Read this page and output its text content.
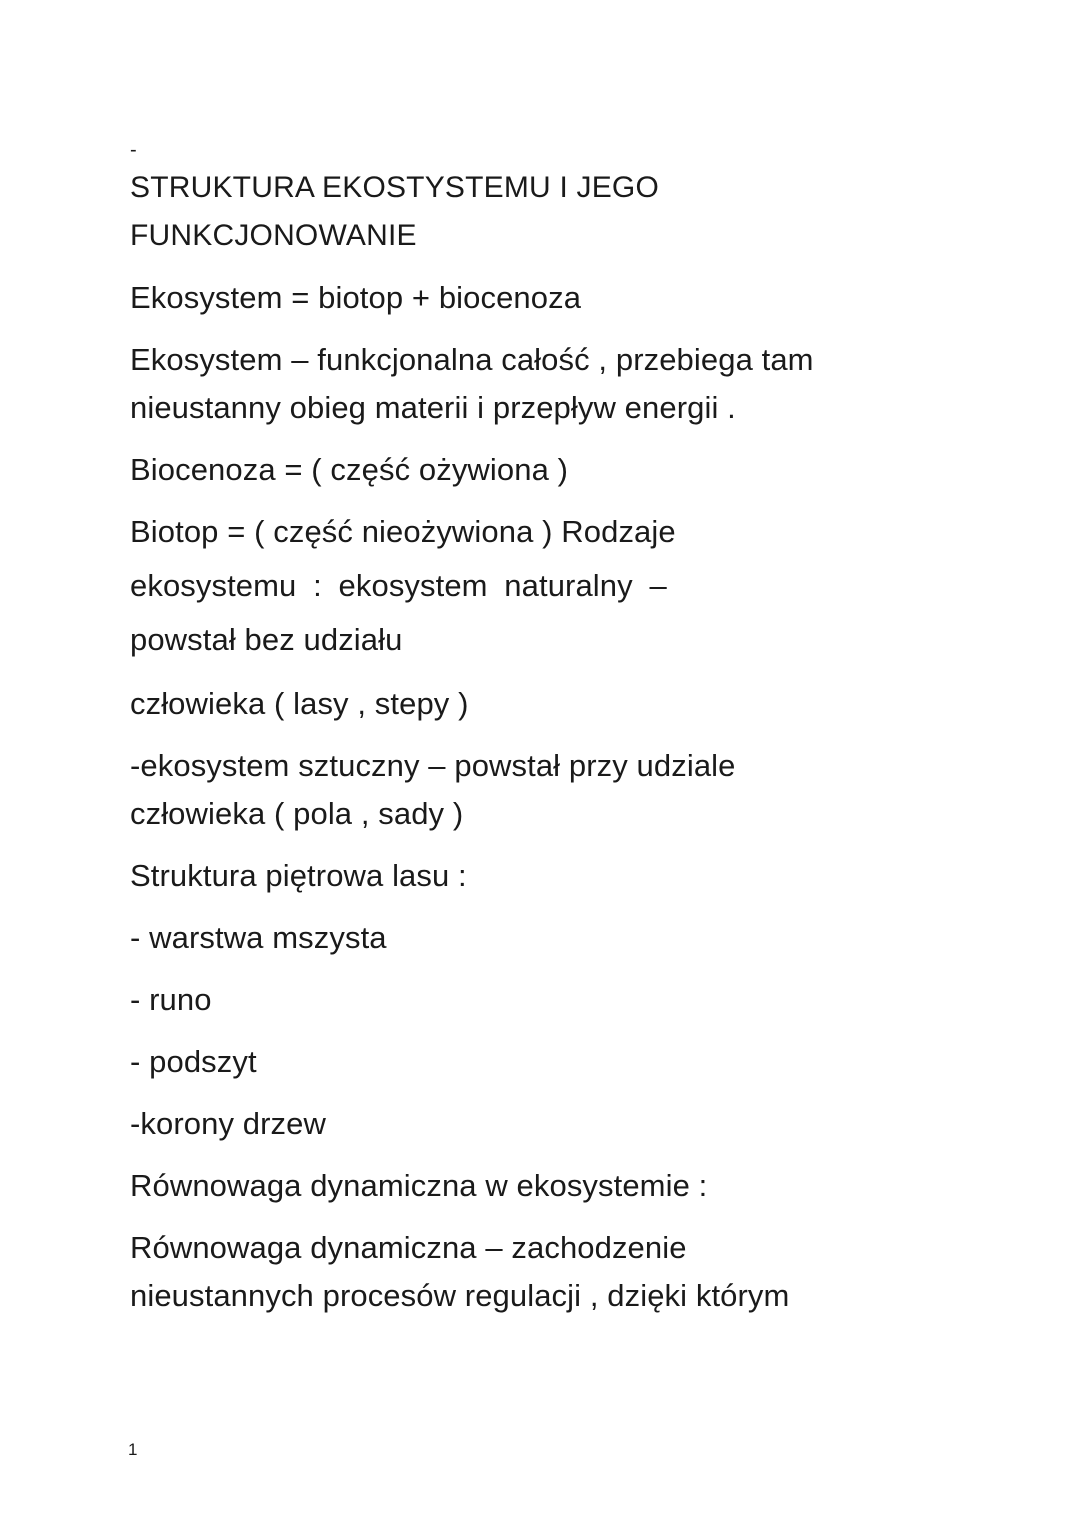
-

STRUKTURA EKOSTYSTEMU I JEGO

FUNKCJONOWANIE

Ekosystem = biotop + biocenoza

Ekosystem – funkcjonalna całość , przebiega tam

nieustanny obieg materii i przepływ energii .

Biocenoza = ( część ożywiona )

Biotop = ( część nieożywiona ) Rodzaje

ekosystemu : ekosystem naturalny –

powstał bez udziału

człowieka ( lasy , stepy )

-ekosystem sztuczny – powstał przy udziale

człowieka ( pola , sady )

Struktura piętrowa lasu :

- warstwa mszysta

- runo

- podszyt

-korony drzew

Równowaga dynamiczna w ekosystemie :

Równowaga dynamiczna – zachodzenie

nieustannych procesów regulacji , dzięki którym

1
